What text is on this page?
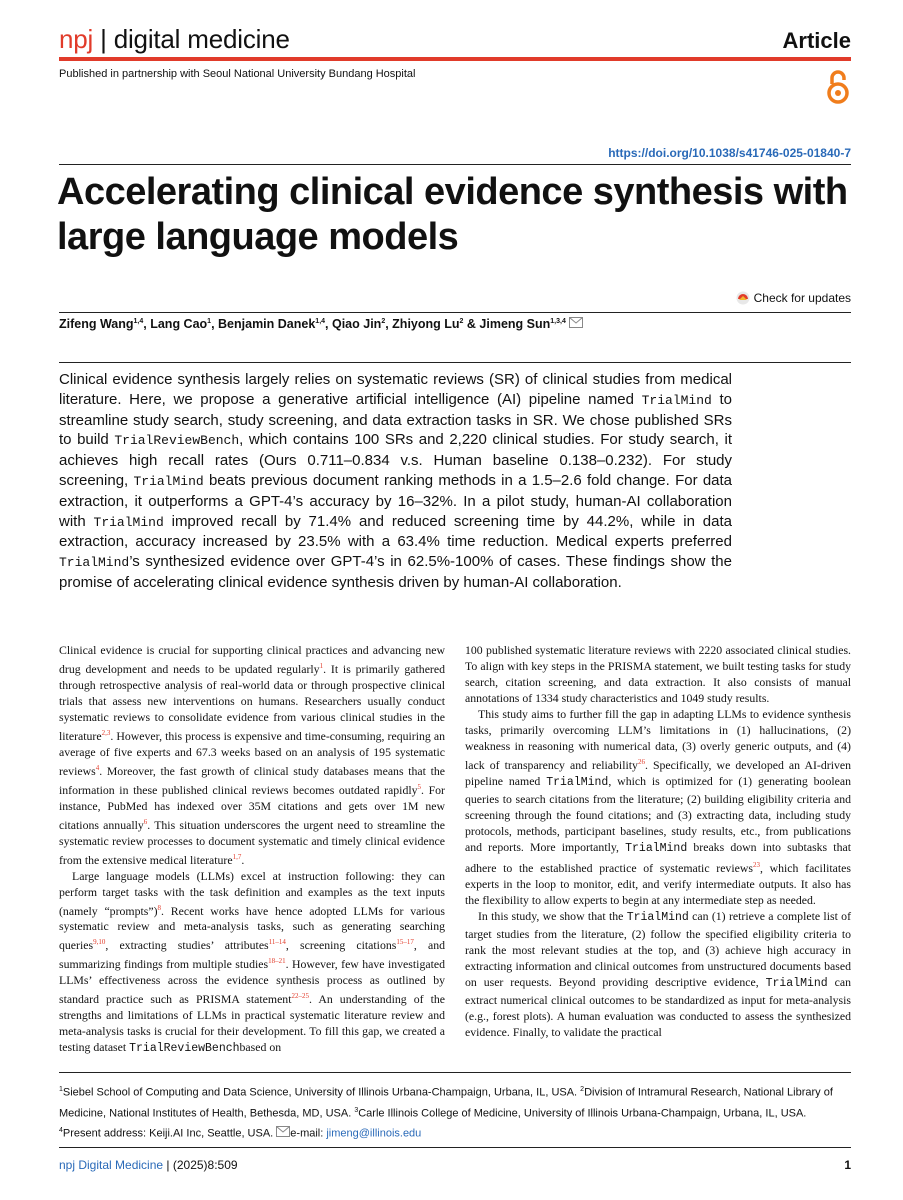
npj | digital medicine	Article
Published in partnership with Seoul National University Bundang Hospital
https://doi.org/10.1038/s41746-025-01840-7
Accelerating clinical evidence synthesis with large language models
Check for updates
Zifeng Wang$^{1,4}$, Lang Cao$^1$, Benjamin Danek$^{1,4}$, Qiao Jin$^2$, Zhiyong Lu$^2$ & Jimeng Sun$^{1,3,4}$
Clinical evidence synthesis largely relies on systematic reviews (SR) of clinical studies from medical literature. Here, we propose a generative artificial intelligence (AI) pipeline named TrialMind to streamline study search, study screening, and data extraction tasks in SR. We chose published SRs to build TrialReviewBench, which contains 100 SRs and 2,220 clinical studies. For study search, it achieves high recall rates (Ours 0.711–0.834 v.s. Human baseline 0.138–0.232). For study screening, TrialMind beats previous document ranking methods in a 1.5–2.6 fold change. For data extraction, it outperforms a GPT-4’s accuracy by 16–32%. In a pilot study, human-AI collaboration with TrialMind improved recall by 71.4% and reduced screening time by 44.2%, while in data extraction, accuracy increased by 23.5% with a 63.4% time reduction. Medical experts preferred TrialMind’s synthesized evidence over GPT-4’s in 62.5%-100% of cases. These findings show the promise of accelerating clinical evidence synthesis driven by human-AI collaboration.

Clinical evidence is crucial for supporting clinical practices and advancing new drug development and needs to be updated regularly$^1$. It is primarily gathered through retrospective analysis of real-world data or through prospective clinical trials that assess new interventions on humans. Researchers usually conduct systematic reviews to consolidate evidence from various clinical studies in the literature$^{2,3}$. However, this process is expensive and time-consuming, requiring an average of five experts and 67.3 weeks based on an analysis of 195 systematic reviews$^4$. Moreover, the fast growth of clinical study databases means that the information in these published clinical reviews becomes outdated rapidly$^5$. For instance, PubMed has indexed over 35M citations and gets over 1M new citations annually$^6$. This situation underscores the urgent need to streamline the systematic review processes to document systematic and timely clinical evidence from the extensive medical literature$^{1,7}$.

Large language models (LLMs) excel at instruction following: they can perform target tasks with the task definition and examples as the text inputs (namely “prompts”)$^8$. Recent works have hence adopted LLMs for various systematic review and meta-analysis tasks, such as generating searching queries$^{9,10}$, extracting studies’ attributes$^{11-14}$, screening citations$^{15-17}$, and summarizing findings from multiple studies$^{18-21}$. However, few have investigated LLMs’ effectiveness across the evidence synthesis process as outlined by standard practice such as PRISMA statement$^{22-25}$. An understanding of the strengths and limitations of LLMs in practical systematic literature review and meta-analysis tasks is crucial for their development. To fill this gap, we created a testing dataset TrialReviewBenchbased on

100 published systematic literature reviews with 2220 associated clinical studies. To align with key steps in the PRISMA statement, we built testing tasks for study search, citation screening, and data extraction. It also consists of manual annotations of 1334 study characteristics and 1049 study results.

This study aims to further fill the gap in adapting LLMs to evidence synthesis tasks, primarily overcoming LLM’s limitations in (1) hallucinations, (2) weakness in reasoning with numerical data, (3) overly generic outputs, and (4) lack of transparency and reliability$^{26}$. Specifically, we developed an AI-driven pipeline named TrialMind, which is optimized for (1) generating boolean queries to search citations from the literature; (2) building eligibility criteria and screening through the found citations; and (3) extracting data, including study protocols, methods, participant baselines, study results, etc., from publications and reports. More importantly, TrialMind breaks down into subtasks that adhere to the established practice of systematic reviews$^{23}$, which facilitates experts in the loop to monitor, edit, and verify intermediate outputs. It also has the flexibility to allow experts to begin at any intermediate step as needed.

In this study, we show that the TrialMind can (1) retrieve a complete list of target studies from the literature, (2) follow the specified eligibility criteria to rank the most relevant studies at the top, and (3) achieve high accuracy in extracting information and clinical outcomes from unstructured documents based on user requests. Beyond providing descriptive evidence, TrialMind can extract numerical clinical outcomes to be standardized as input for meta-analysis (e.g., forest plots). A human evaluation was conducted to assess the synthesized evidence. Finally, to validate the practical

$^1$Siebel School of Computing and Data Science, University of Illinois Urbana-Champaign, Urbana, IL, USA. $^2$Division of Intramural Research, National Library of Medicine, National Institutes of Health, Bethesda, MD, USA. $^3$Carle Illinois College of Medicine, University of Illinois Urbana-Champaign, Urbana, IL, USA. $^4$Present address: Keiji.AI Inc, Seattle, USA. e-mail: jimeng@illinois.edu
npj Digital Medicine | (2025)8:509	1
